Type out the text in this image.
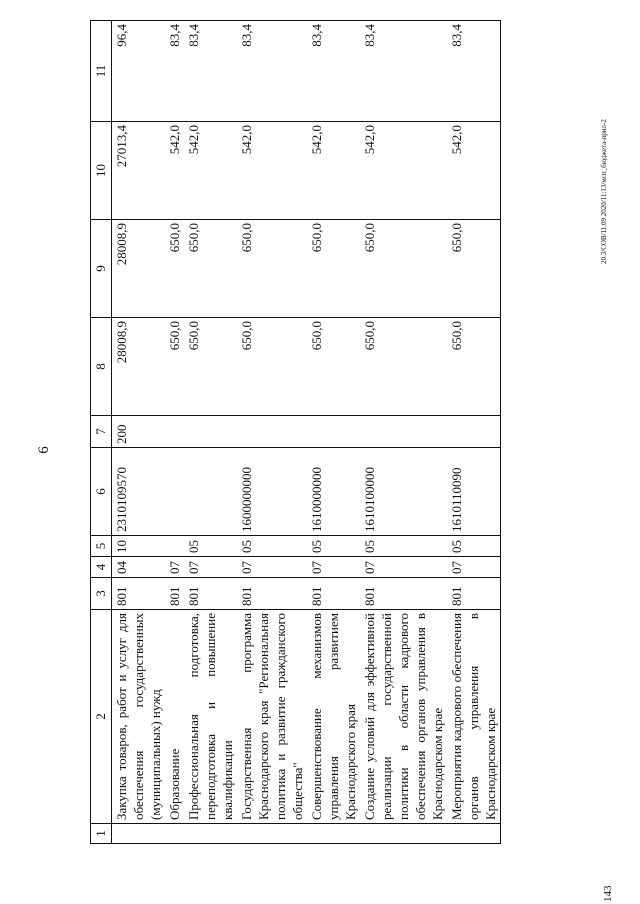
6
1	2	3	4	5	6	7	8	9	10	11
	Закупка товаров, работ и услуг для обеспечения государственных (муниципальных) нужд	801	04	10	2310109570	200	28008,9	28008,9	27013,4	96,4
	Образование	801	07				650,0	650,0	542,0	83,4
	Профессиональная подготовка, переподготовка и повышение квалификации	801	07	05			650,0	650,0	542,0	83,4
	Государственная программа Краснодарского края "Региональная политика и развитие гражданского общества"	801	07	05	1600000000		650,0	650,0	542,0	83,4
	Совершенствование механизмов управления развитием Краснодарского края	801	07	05	1610000000		650,0	650,0	542,0	83,4
	Создание условий для эффективной реализации государственной политики в области кадрового обеспечения органов управления в Краснодарском крае	801	07	05	1610100000		650,0	650,0	542,0	83,4
	Мероприятия кадрового обеспечения органов управления в Краснодарском крае	801	07	05	1610110090		650,0	650,0	542,0	83,4
20.3/СОВ/11.09.2020/11:13/мсп_бюджета-прил-2
143
